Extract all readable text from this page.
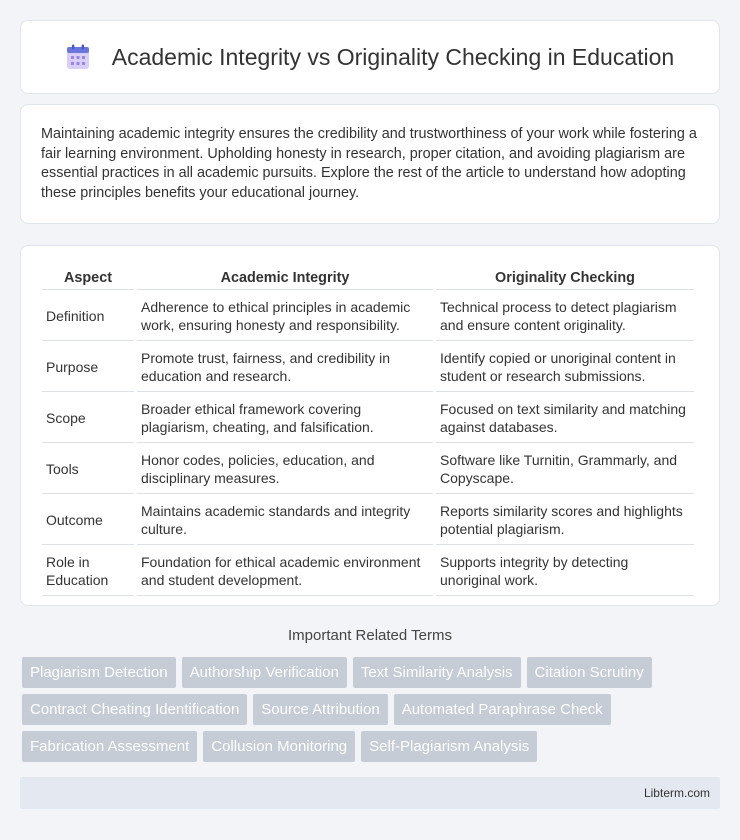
Academic Integrity vs Originality Checking in Education

Maintaining academic integrity ensures the credibility and trustworthiness of your work while fostering a fair learning environment. Upholding honesty in research, proper citation, and avoiding plagiarism are essential practices in all academic pursuits. Explore the rest of the article to understand how adopting these principles benefits your educational journey.

Aspect	Academic Integrity	Originality Checking
Definition	Adherence to ethical principles in academic work, ensuring honesty and responsibility.	Technical process to detect plagiarism and ensure content originality.
Purpose	Promote trust, fairness, and credibility in education and research.	Identify copied or unoriginal content in student or research submissions.
Scope	Broader ethical framework covering plagiarism, cheating, and falsification.	Focused on text similarity and matching against databases.
Tools	Honor codes, policies, education, and disciplinary measures.	Software like Turnitin, Grammarly, and Copyscape.
Outcome	Maintains academic standards and integrity culture.	Reports similarity scores and highlights potential plagiarism.
Role in Education	Foundation for ethical academic environment and student development.	Supports integrity by detecting unoriginal work.
Important Related Terms
Plagiarism Detection	Authorship Verification	Text Similarity Analysis	Citation Scrutiny
Contract Cheating Identification	Source Attribution	Automated Paraphrase Check
Fabrication Assessment	Collusion Monitoring	Self-Plagiarism Analysis
Libterm.com
